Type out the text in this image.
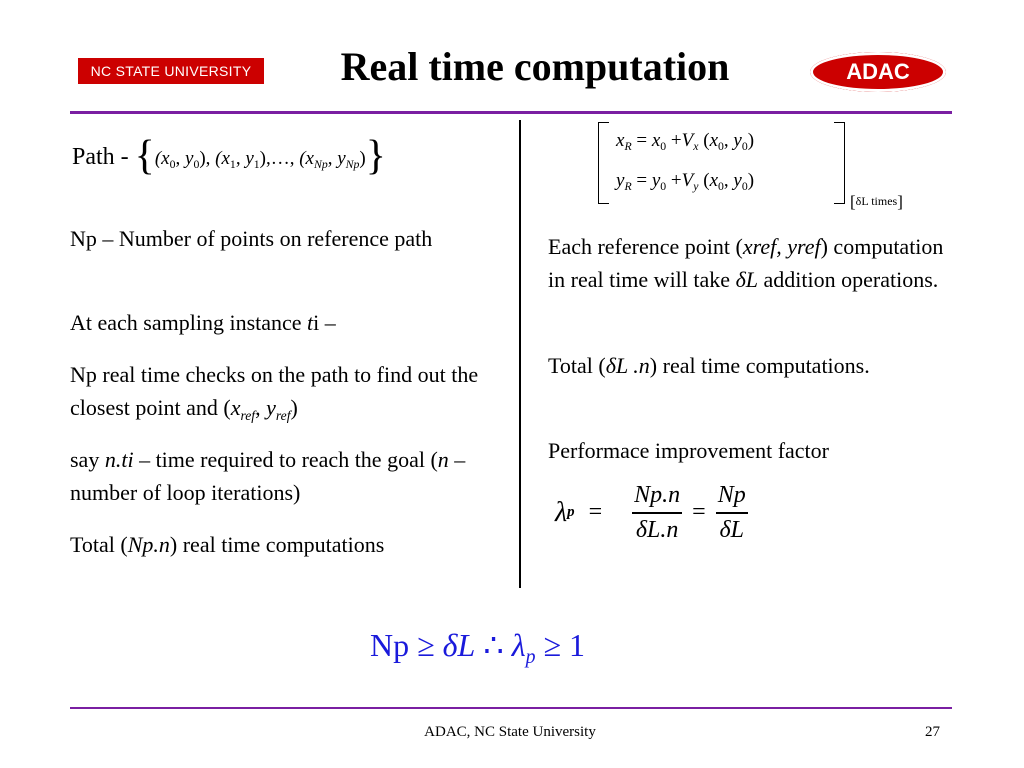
NC STATE UNIVERSITY	Real time computation	ADAC
Path - {($x_0$, $y_0$), ($x_1$, $y_1),\dots$, ($x_{Np}$, $y_{Np}$)}
Np – Number of points on reference path
At each sampling instance ti –
Np real time checks on the path to find out the closest point and ($x_{ref}$, $y_{ref}$)
say n.ti – time required to reach the goal (n – number of loop iterations)
Total (Np.n) real time computations
$x_R = x_0 +V_x$ ($x_0$, $y_0$)
$y_R = y_0 +V_y$ ($x_0$, $y_0$)
[δL times]
Each reference point (xref, yref) computation in real time will take δL addition operations.
Total (δL .n) real time computations.
Performace improvement factor
λ $p = \frac{Np.n}{\delta L.n} = \frac{Np}{\delta L}$
Np ≥ δL ∴ $\lambda_p \ge 1$
ADAC, NC State University	27
